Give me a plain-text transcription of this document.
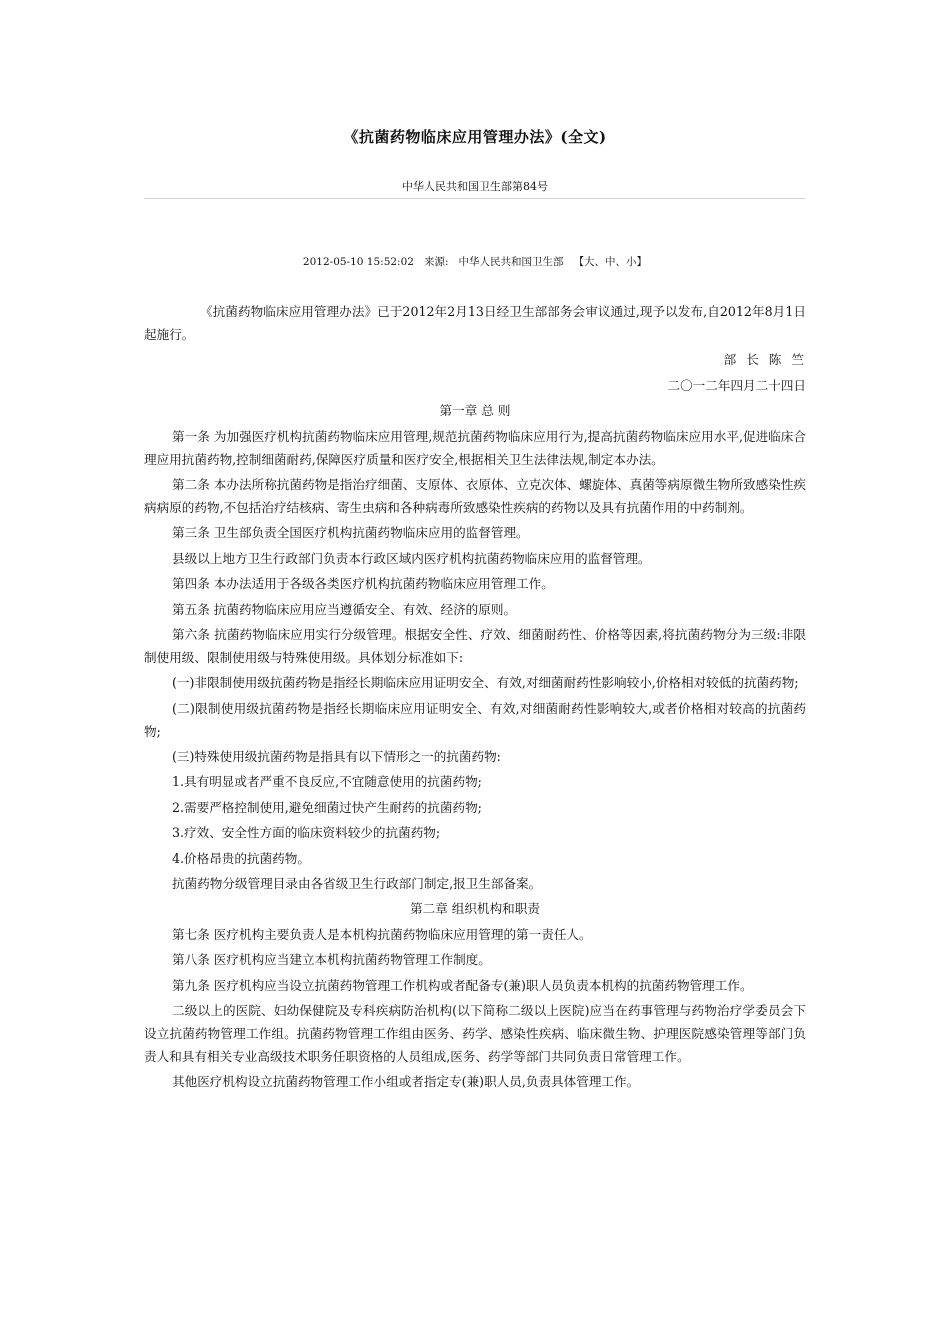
《抗菌药物临床应用管理办法》(全文)
中华人民共和国卫生部第84号
2012-05-10 15:52:02 来源: 中华人民共和国卫生部 【大、中、小】

《抗菌药物临床应用管理办法》已于2012年2月13日经卫生部部务会审议通过,现予以发布,自2012年8月1日起施行。

部 长 陈 竺

二〇一二年四月二十四日

第一章 总 则

第一条 为加强医疗机构抗菌药物临床应用管理,规范抗菌药物临床应用行为,提高抗菌药物临床应用水平,促进临床合理应用抗菌药物,控制细菌耐药,保障医疗质量和医疗安全,根据相关卫生法律法规,制定本办法。

第二条 本办法所称抗菌药物是指治疗细菌、支原体、衣原体、立克次体、螺旋体、真菌等病原微生物所致感染性疾病病原的药物,不包括治疗结核病、寄生虫病和各种病毒所致感染性疾病的药物以及具有抗菌作用的中药制剂。

第三条 卫生部负责全国医疗机构抗菌药物临床应用的监督管理。

县级以上地方卫生行政部门负责本行政区域内医疗机构抗菌药物临床应用的监督管理。

第四条 本办法适用于各级各类医疗机构抗菌药物临床应用管理工作。

第五条 抗菌药物临床应用应当遵循安全、有效、经济的原则。

第六条 抗菌药物临床应用实行分级管理。根据安全性、疗效、细菌耐药性、价格等因素,将抗菌药物分为三级:非限制使用级、限制使用级与特殊使用级。具体划分标准如下:

(一)非限制使用级抗菌药物是指经长期临床应用证明安全、有效,对细菌耐药性影响较小,价格相对较低的抗菌药物;

(二)限制使用级抗菌药物是指经长期临床应用证明安全、有效,对细菌耐药性影响较大,或者价格相对较高的抗菌药物;

(三)特殊使用级抗菌药物是指具有以下情形之一的抗菌药物:

1.具有明显或者严重不良反应,不宜随意使用的抗菌药物;

2.需要严格控制使用,避免细菌过快产生耐药的抗菌药物;

3.疗效、安全性方面的临床资料较少的抗菌药物;

4.价格昂贵的抗菌药物。

抗菌药物分级管理目录由各省级卫生行政部门制定,报卫生部备案。

第二章 组织机构和职责

第七条 医疗机构主要负责人是本机构抗菌药物临床应用管理的第一责任人。

第八条 医疗机构应当建立本机构抗菌药物管理工作制度。

第九条 医疗机构应当设立抗菌药物管理工作机构或者配备专(兼)职人员负责本机构的抗菌药物管理工作。

二级以上的医院、妇幼保健院及专科疾病防治机构(以下简称二级以上医院)应当在药事管理与药物治疗学委员会下设立抗菌药物管理工作组。抗菌药物管理工作组由医务、药学、感染性疾病、临床微生物、护理医院感染管理等部门负责人和具有相关专业高级技术职务任职资格的人员组成,医务、药学等部门共同负责日常管理工作。

其他医疗机构设立抗菌药物管理工作小组或者指定专(兼)职人员,负责具体管理工作。
